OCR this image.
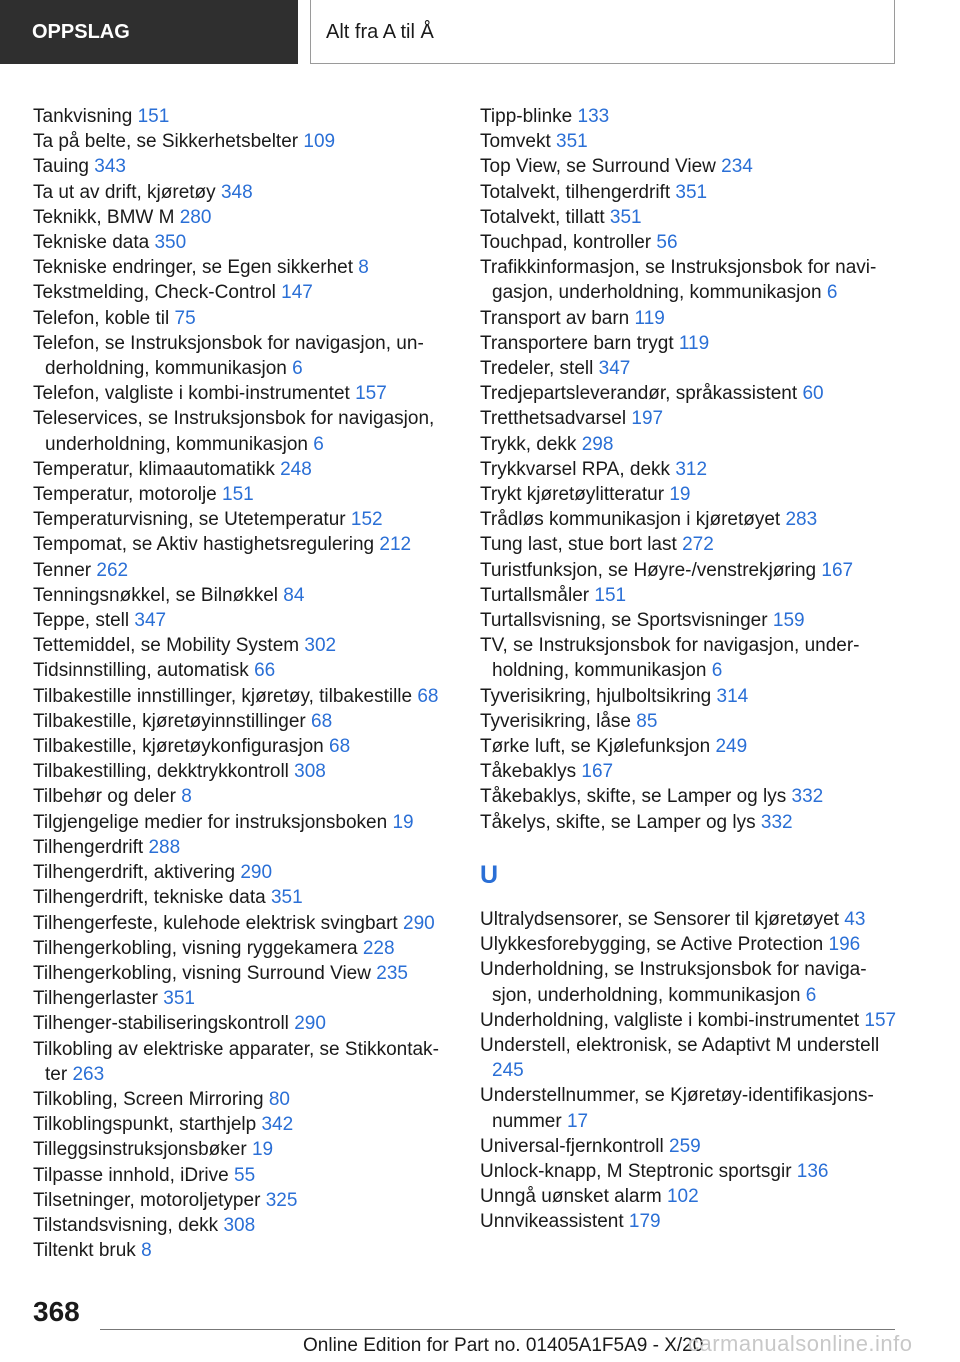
OPPSLAG	Alt fra A til Å
Tankvisning 151
Ta på belte, se Sikkerhetsbelter 109
Tauing 343
Ta ut av drift, kjøretøy 348
Teknikk, BMW M 280
Tekniske data 350
Tekniske endringer, se Egen sikkerhet 8
Tekstmelding, Check-Control 147
Telefon, koble til 75
Telefon, se Instruksjonsbok for navigasjon, underholdning, kommunikasjon 6
Telefon, valgliste i kombi-instrumentet 157
Teleservices, se Instruksjonsbok for navigasjon, underholdning, kommunikasjon 6
Temperatur, klimaautomatikk 248
Temperatur, motorolje 151
Temperaturvisning, se Utetemperatur 152
Tempomat, se Aktiv hastighetsregulering 212
Tenner 262
Tenningsnøkkel, se Bilnøkkel 84
Teppe, stell 347
Tettemiddel, se Mobility System 302
Tidsinnstilling, automatisk 66
Tilbakestille innstillinger, kjøretøy, tilbakestille 68
Tilbakestille, kjøretøyinnstillinger 68
Tilbakestille, kjøretøykonfigurasjon 68
Tilbakestilling, dekktrykkontroll 308
Tilbehør og deler 8
Tilgjengelige medier for instruksjonsboken 19
Tilhengerdrift 288
Tilhengerdrift, aktivering 290
Tilhengerdrift, tekniske data 351
Tilhengerfeste, kulehode elektrisk svingbart 290
Tilhengerkobling, visning ryggekamera 228
Tilhengerkobling, visning Surround View 235
Tilhengerlaster 351
Tilhenger-stabiliseringskontroll 290
Tilkobling av elektriske apparater, se Stikkontakter 263
Tilkobling, Screen Mirroring 80
Tilkoblingspunkt, starthjelp 342
Tilleggsinstruksjonsbøker 19
Tilpasse innhold, iDrive 55
Tilsetninger, motoroljetyper 325
Tilstandsvisning, dekk 308
Tiltenkt bruk 8
Tipp-blinke 133
Tomvekt 351
Top View, se Surround View 234
Totalvekt, tilhengerdrift 351
Totalvekt, tillatt 351
Touchpad, kontroller 56
Trafikkinformasjon, se Instruksjonsbok for navigasjon, underholdning, kommunikasjon 6
Transport av barn 119
Transportere barn trygt 119
Tredeler, stell 347
Tredjepartsleverandør, språkassistent 60
Tretthetsadvarsel 197
Trykk, dekk 298
Trykkvarsel RPA, dekk 312
Trykt kjøretøylitteratur 19
Trådløs kommunikasjon i kjøretøyet 283
Tung last, stue bort last 272
Turistfunksjon, se Høyre-/venstrekjøring 167
Turtallsmåler 151
Turtallsvisning, se Sportsvisninger 159
TV, se Instruksjonsbok for navigasjon, underholdning, kommunikasjon 6
Tyverisikring, hjulboltsikring 314
Tyverisikring, låse 85
Tørke luft, se Kjølefunksjon 249
Tåkebaklys 167
Tåkebaklys, skifte, se Lamper og lys 332
Tåkelys, skifte, se Lamper og lys 332
U
Ultralydsensorer, se Sensorer til kjøretøyet 43
Ulykkesforebygging, se Active Protection 196
Underholdning, se Instruksjonsbok for navigasjon, underholdning, kommunikasjon 6
Underholdning, valgliste i kombi-instrumentet 157
Understell, elektronisk, se Adaptivt M understell 245
Understellnummer, se Kjøretøy-identifikasjonsnummer 17
Universal-fjernkontroll 259
Unlock-knapp, M Steptronic sportsgir 136
Unngå uønsket alarm 102
Unnvikeassistent 179
368
Online Edition for Part no. 01405A1F5A9 - X/20
carmanualsonline.info
